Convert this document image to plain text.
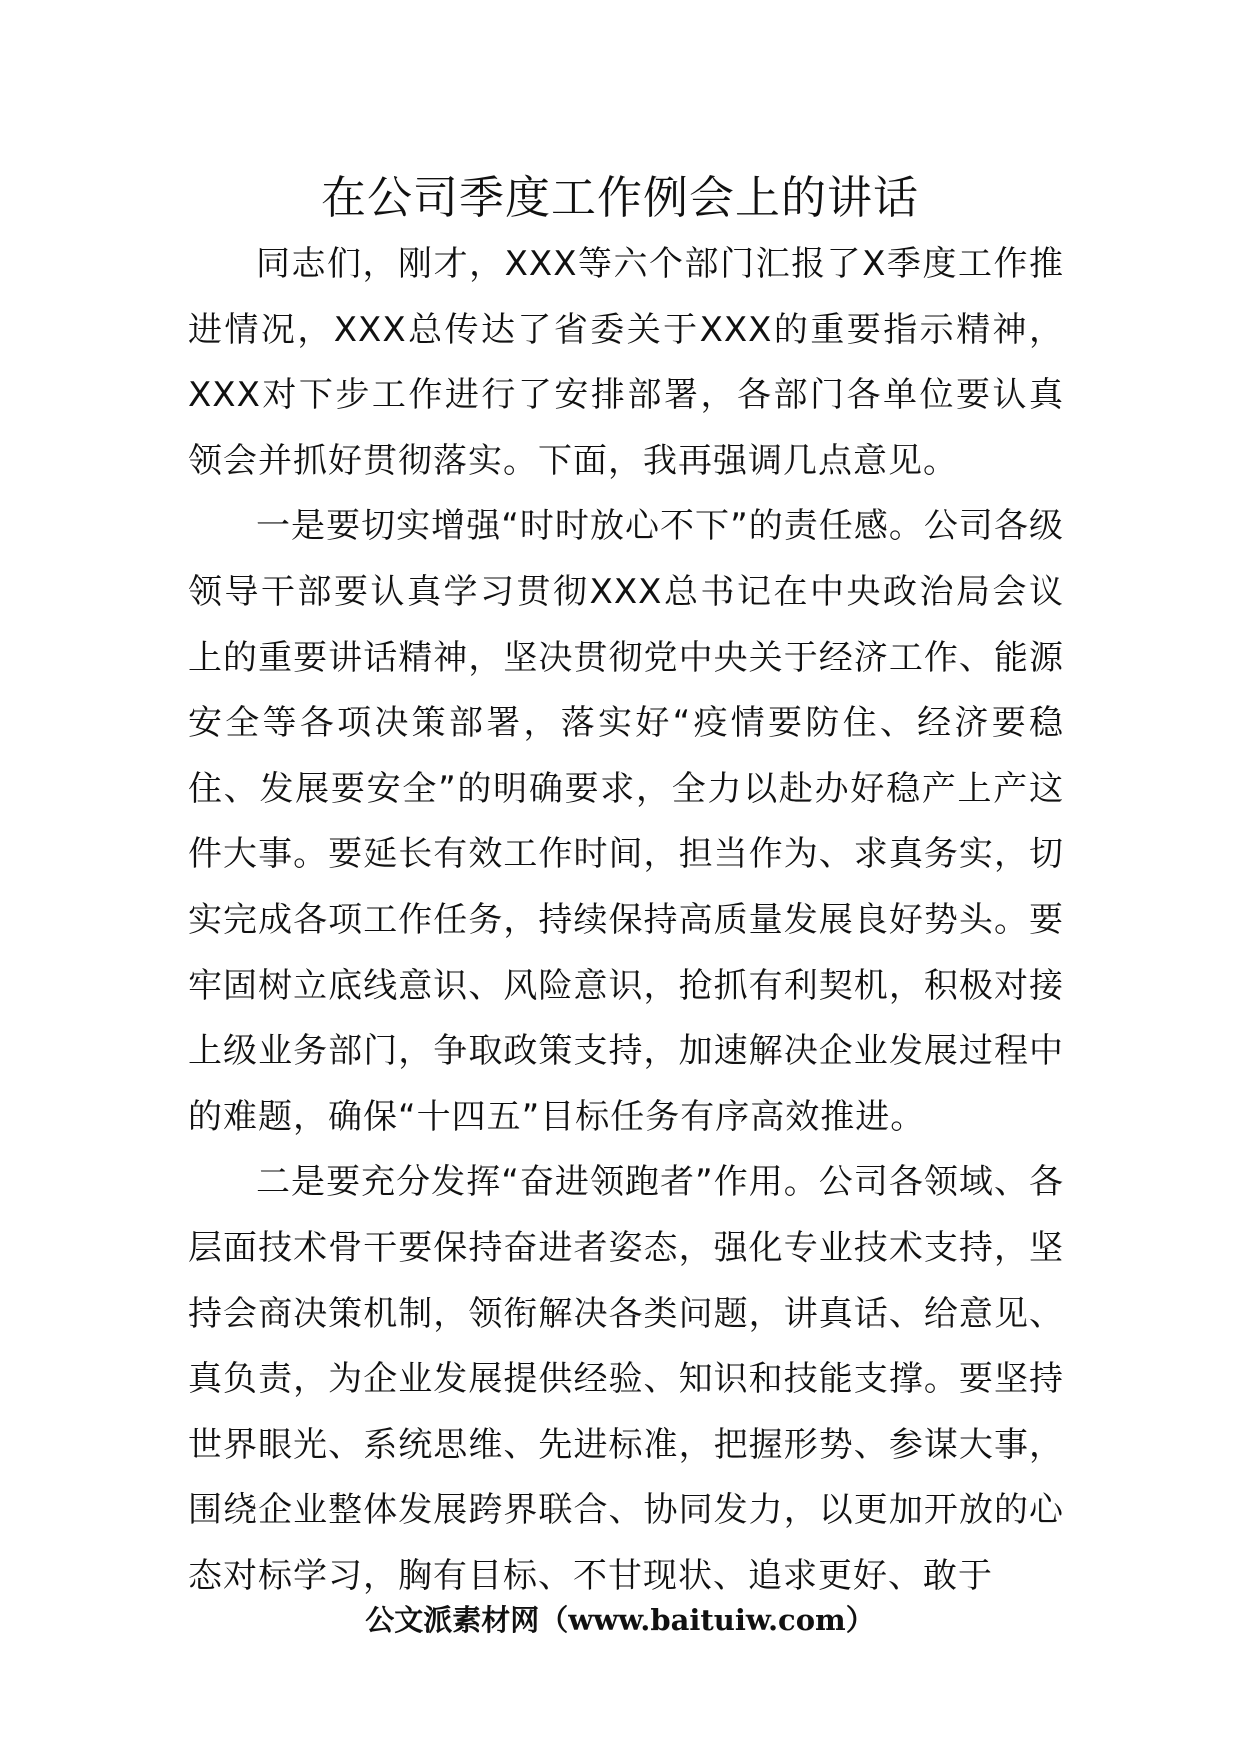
在公司季度工作例会上的讲话

同志们，刚才，XXX等六个部门汇报了X季度工作推进情况，XXX总传达了省委关于XXX的重要指示精神，XXX对下步工作进行了安排部署，各部门各单位要认真领会并抓好贯彻落实。下面，我再强调几点意见。

一是要切实增强“时时放心不下”的责任感。公司各级领导干部要认真学习贯彻XXX总书记在中央政治局会议上的重要讲话精神，坚决贯彻党中央关于经济工作、能源安全等各项决策部署，落实好“疫情要防住、经济要稳住、发展要安全”的明确要求，全力以赴办好稳产上产这件大事。要延长有效工作时间，担当作为、求真务实，切实完成各项工作任务，持续保持高质量发展良好势头。要牢固树立底线意识、风险意识，抢抓有利契机，积极对接上级业务部门，争取政策支持，加速解决企业发展过程中的难题，确保“十四五”目标任务有序高效推进。

二是要充分发挥“奋进领跑者”作用。公司各领域、各层面技术骨干要保持奋进者姿态，强化专业技术支持，坚持会商决策机制，领衔解决各类问题，讲真话、给意见、真负责，为企业发展提供经验、知识和技能支撑。要坚持世界眼光、系统思维、先进标准，把握形势、参谋大事，围绕企业整体发展跨界联合、协同发力，以更加开放的心态对标学习，胸有目标、不甘现状、追求更好、敢于

公文派素材网（www.baituiw.com）
